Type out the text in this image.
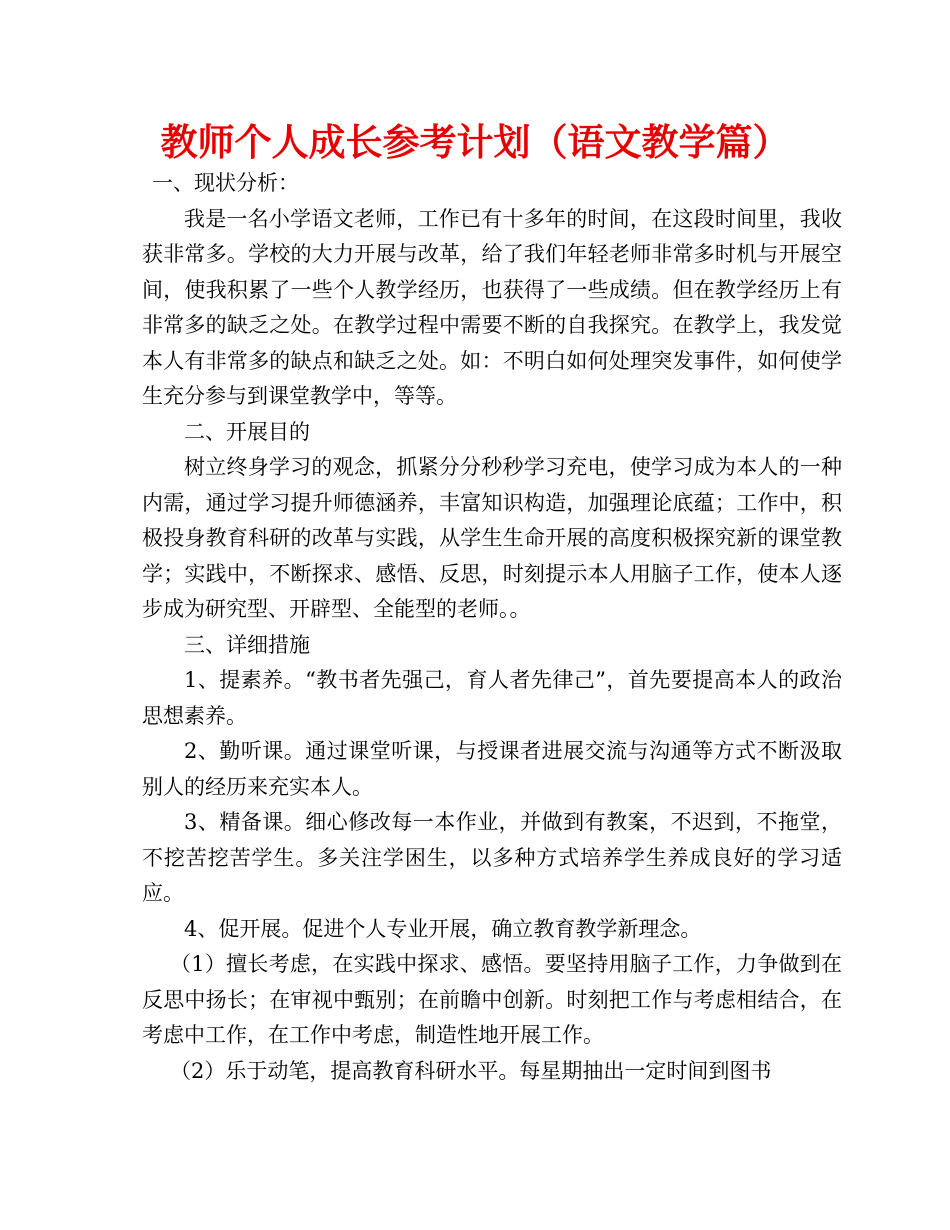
教师个人成长参考计划（语文教学篇）

一、现状分析：

我是一名小学语文老师，工作已有十多年的时间，在这段时间里，我收获非常多。学校的大力开展与改革，给了我们年轻老师非常多时机与开展空间，使我积累了一些个人教学经历，也获得了一些成绩。但在教学经历上有非常多的缺乏之处。在教学过程中需要不断的自我探究。在教学上，我发觉本人有非常多的缺点和缺乏之处。如：不明白如何处理突发事件，如何使学生充分参与到课堂教学中，等等。

二、开展目的

树立终身学习的观念，抓紧分分秒秒学习充电，使学习成为本人的一种内需，通过学习提升师德涵养，丰富知识构造，加强理论底蕴；工作中，积极投身教育科研的改革与实践，从学生生命开展的高度积极探究新的课堂教学；实践中，不断探求、感悟、反思，时刻提示本人用脑子工作，使本人逐步成为研究型、开辟型、全能型的老师。。

三、详细措施

1、提素养。“教书者先强己，育人者先律己”，首先要提高本人的政治思想素养。

2、勤听课。通过课堂听课，与授课者进展交流与沟通等方式不断汲取别人的经历来充实本人。

3、精备课。细心修改每一本作业，并做到有教案，不迟到，不拖堂，不挖苦挖苦学生。多关注学困生，以多种方式培养学生养成良好的学习适应。

4、促开展。促进个人专业开展，确立教育教学新理念。

（1）擅长考虑，在实践中探求、感悟。要坚持用脑子工作，力争做到在反思中扬长；在审视中甄别；在前瞻中创新。时刻把工作与考虑相结合，在考虑中工作，在工作中考虑，制造性地开展工作。

（2）乐于动笔，提高教育科研水平。每星期抽出一定时间到图书
